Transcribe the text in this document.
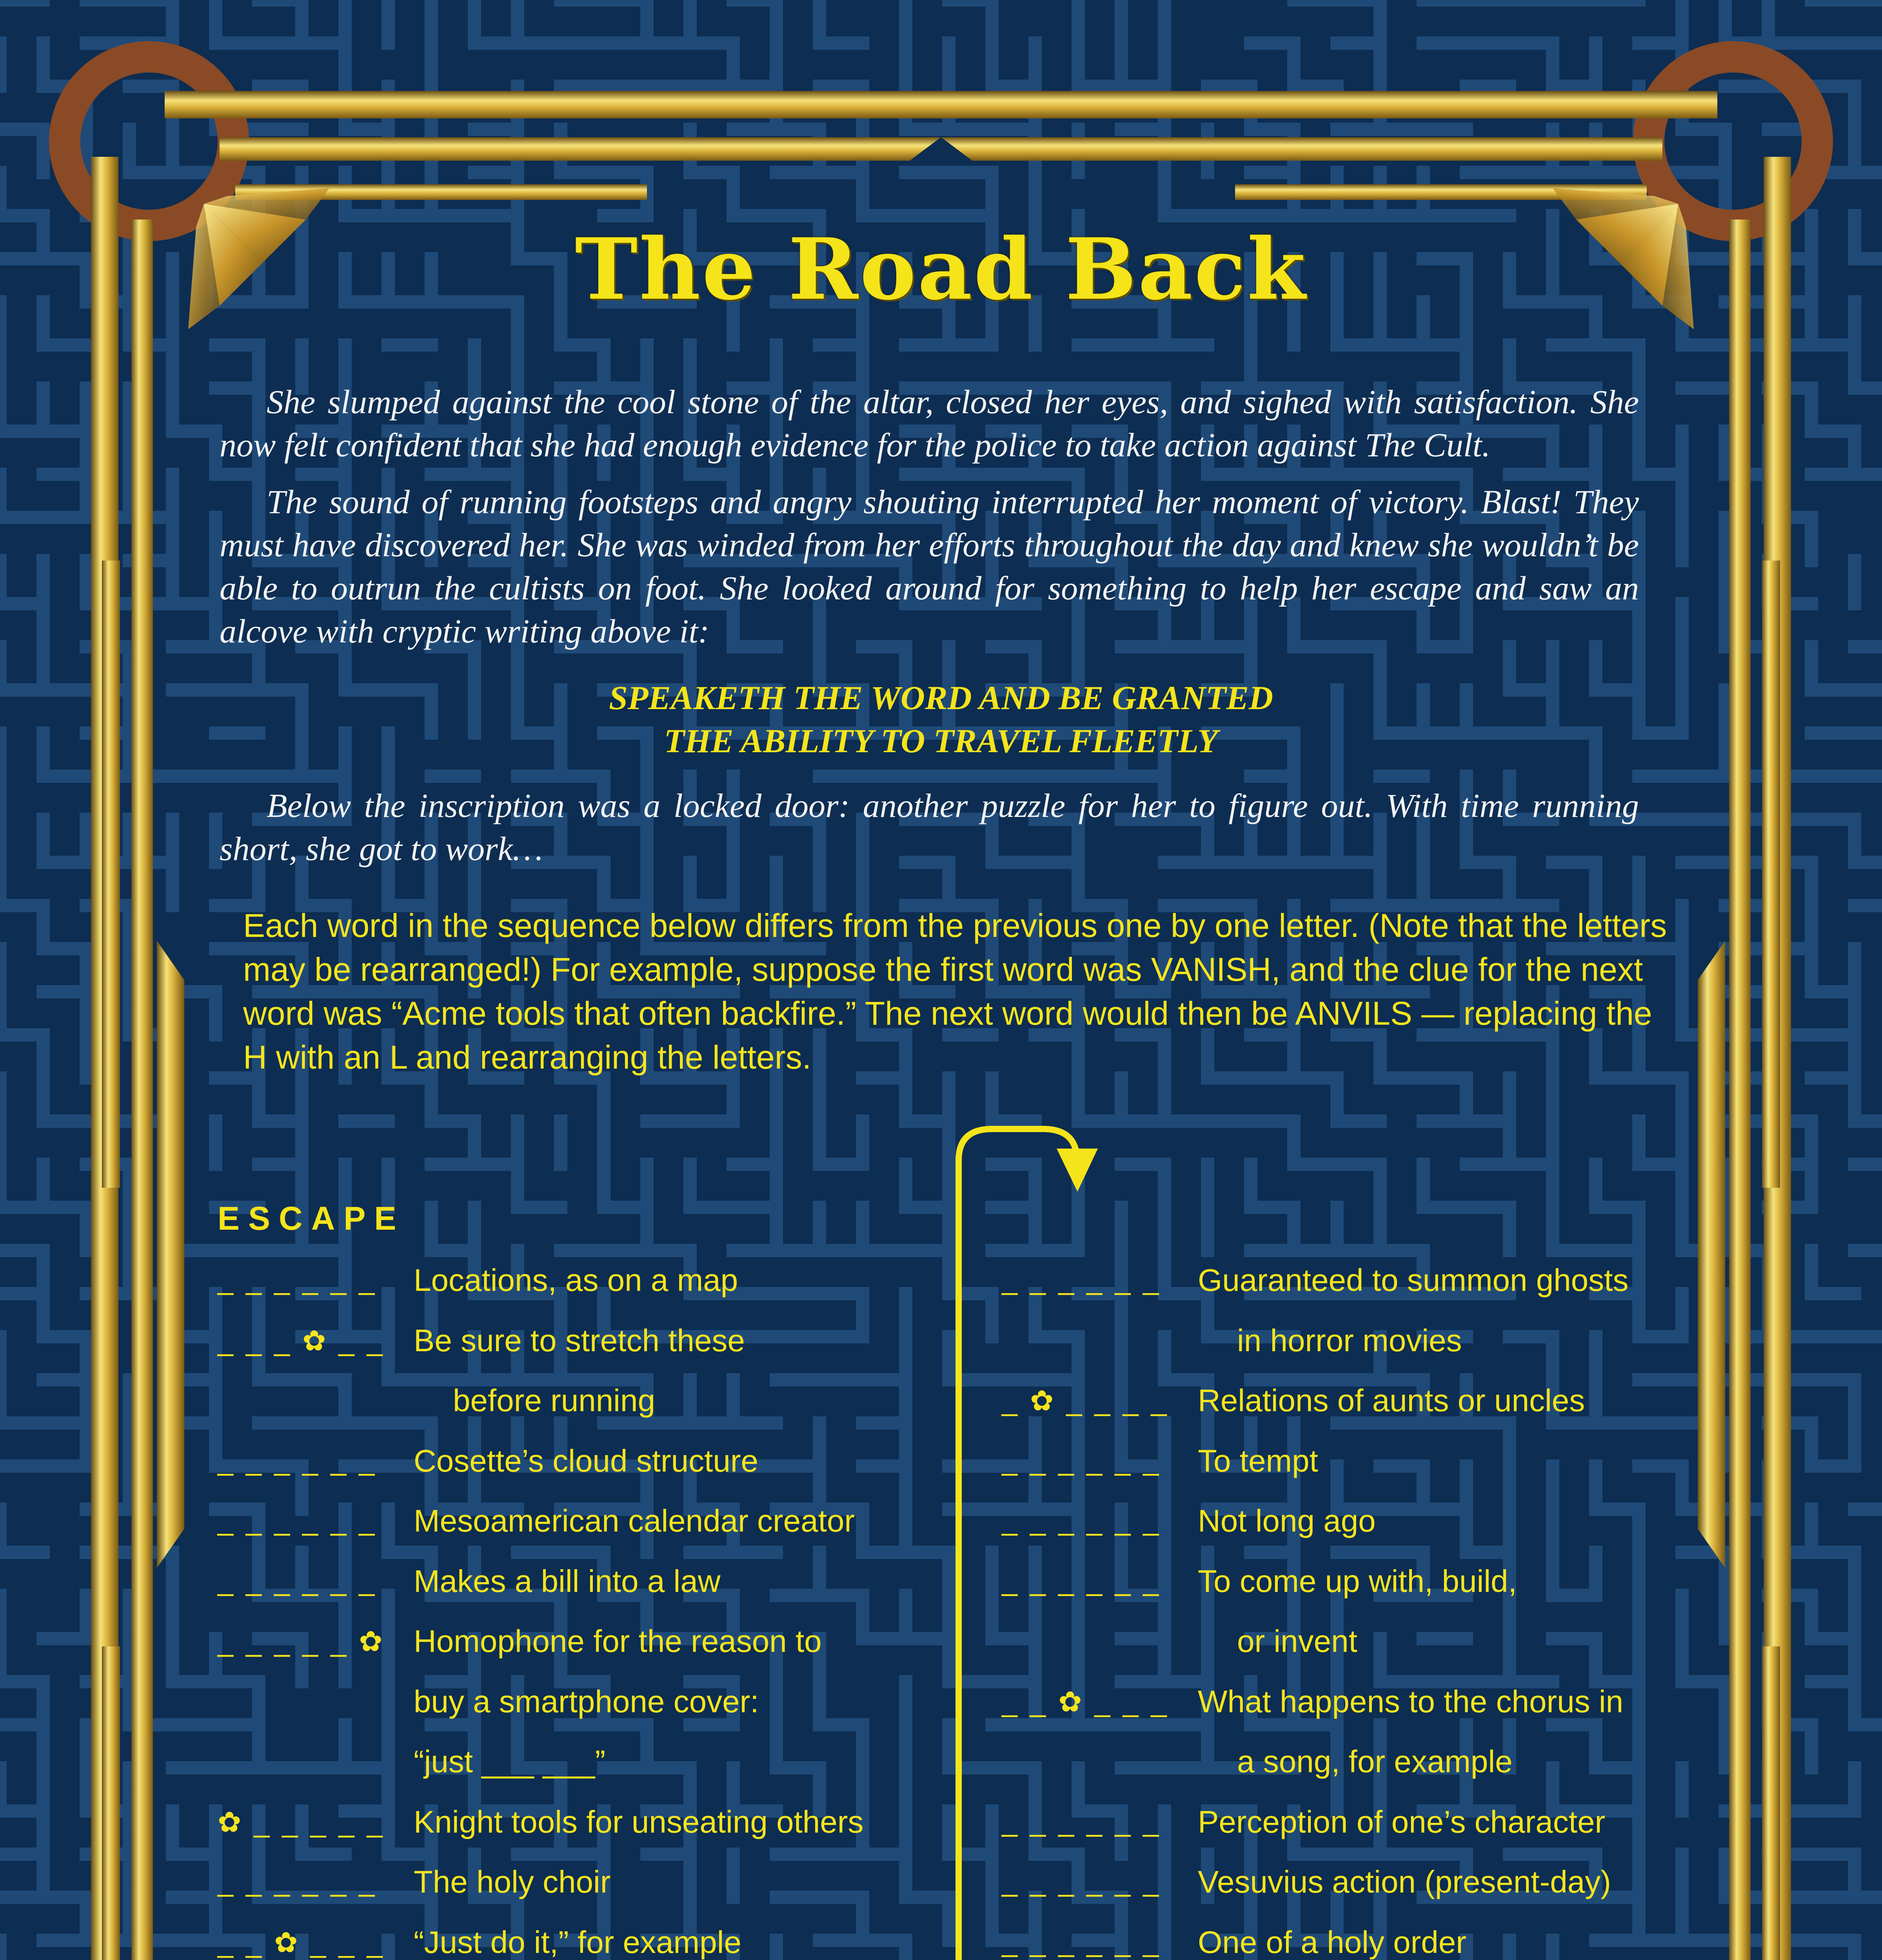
The Road Back
She slumped against the cool stone of the altar, closed her eyes, and sighed with satisfaction. She now felt confident that she had enough evidence for the police to take action against The Cult.
The sound of running footsteps and angry shouting interrupted her moment of victory. Blast! They must have discovered her. She was winded from her efforts throughout the day and knew she wouldn’t be able to outrun the cultists on foot. She looked around for something to help her escape and saw an alcove with cryptic writing above it:
SPEAKETH THE WORD AND BE GRANTED
THE ABILITY TO TRAVEL FLEETLY
Below the inscription was a locked door: another puzzle for her to figure out. With time running short, she got to work…
Each word in the sequence below differs from the previous one by one letter. (Note that the letters may be rearranged!) For example, suppose the first word was VANISH, and the clue for the next word was “Acme tools that often backfire.” The next word would then be ANVILS — replacing the H with an L and rearranging the letters.
ESCAPE
_ _ _ _ _ _ Locations, as on a map
_ _ _ ✿ _ _ Be sure to stretch these
before running
_ _ _ _ _ _ Cosette’s cloud structure
_ _ _ _ _ _ Mesoamerican calendar creator
_ _ _ _ _ _ Makes a bill into a law
_ _ _ _ _ ✿ Homophone for the reason to
buy a smartphone cover:
“just ___ ___”
✿ _ _ _ _ _ Knight tools for unseating others
_ _ _ _ _ _ The holy choir
_ _ ✿ _ _ _ “Just do it,” for example
_ _ _ _ _ _ Guaranteed to summon ghosts
in horror movies
_ ✿ _ _ _ _ Relations of aunts or uncles
_ _ _ _ _ _ To tempt
_ _ _ _ _ _ Not long ago
_ _ _ _ _ _ To come up with, build,
or invent
_ _ ✿ _ _ _ What happens to the chorus in
a song, for example
_ _ _ _ _ _ Perception of one’s character
_ _ _ _ _ _ Vesuvius action (present-day)
_ _ _ _ _ _ One of a holy order
